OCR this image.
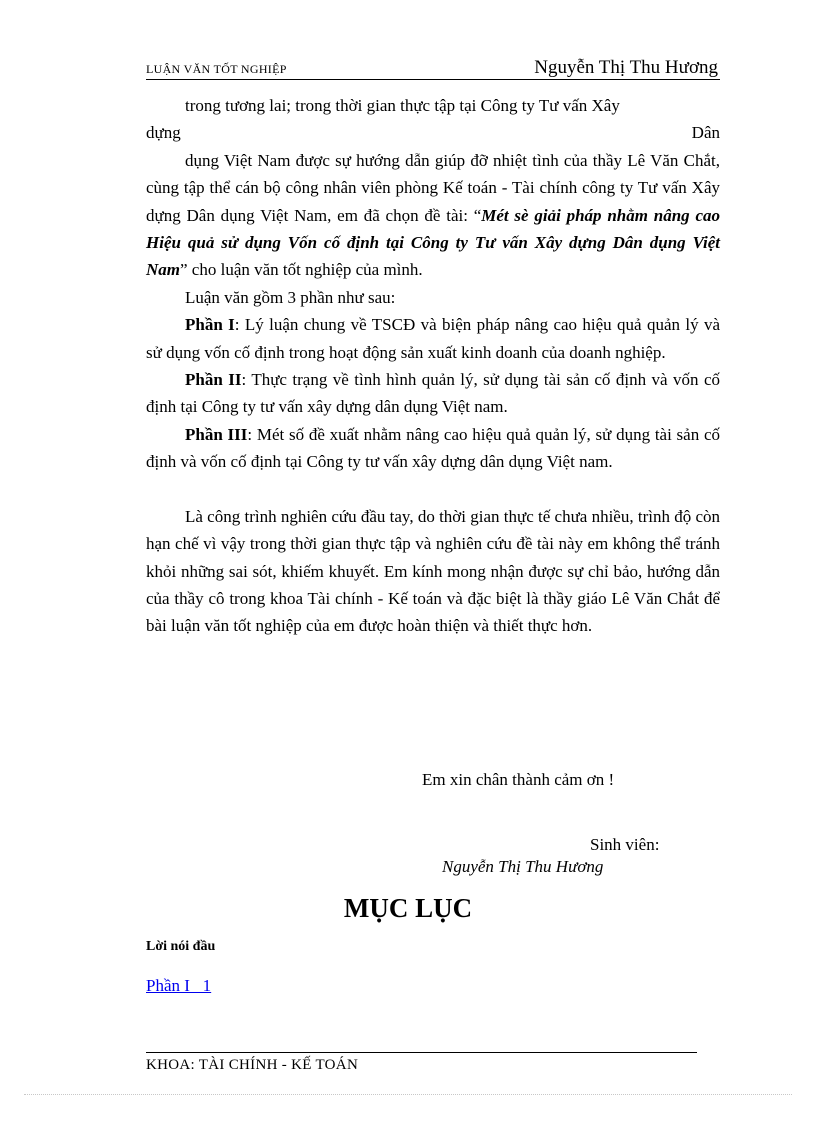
LUẬN VĂN TỐT NGHIỆP	Nguyễn Thị Thu Hương

trong tương lai; trong thời gian thực tập tại Công ty Tư vấn Xây

dựng	Dân

dụng Việt Nam được sự hướng dẫn giúp đỡ nhiệt tình của thầy Lê Văn Chắt, cùng tập thể cán bộ công nhân viên phòng Kế toán - Tài chính công ty Tư vấn Xây dựng Dân dụng Việt Nam, em đã chọn đề tài: “Mét sè giải pháp nhằm nâng cao Hiệu quả sử dụng Vốn cố định tại Công ty Tư vấn Xây dựng Dân dụng Việt Nam” cho luận văn tốt nghiệp của mình.

Luận văn gồm 3 phần như sau:

Phần I: Lý luận chung về TSCĐ và biện pháp nâng cao hiệu quả quản lý và sử dụng vốn cố định trong hoạt động sản xuất kinh doanh của doanh nghiệp.

Phần II: Thực trạng về tình hình quản lý, sử dụng tài sản cố định và vốn cố định tại Công ty tư vấn xây dựng dân dụng Việt nam.

Phần III: Mét số đề xuất nhằm nâng cao hiệu quả quản lý, sử dụng tài sản cố định và vốn cố định tại Công ty tư vấn xây dựng dân dụng Việt nam.

Là công trình nghiên cứu đầu tay, do thời gian thực tế chưa nhiều, trình độ còn hạn chế vì vậy trong thời gian thực tập và nghiên cứu đề tài này em không thể tránh khỏi những sai sót, khiếm khuyết. Em kính mong nhận được sự chỉ bảo, hướng dẫn của thầy cô trong khoa Tài chính - Kế toán và đặc biệt là thầy giáo Lê Văn Chắt để bài luận văn tốt nghiệp của em được hoàn thiện và thiết thực hơn.

Em xin chân thành cảm ơn !
Sinh viên:
Nguyễn Thị Thu Hương
MỤC LỤC
Lời nói đầu
Phần I   1
KHOA: TÀI CHÍNH - KẾ TOÁN
